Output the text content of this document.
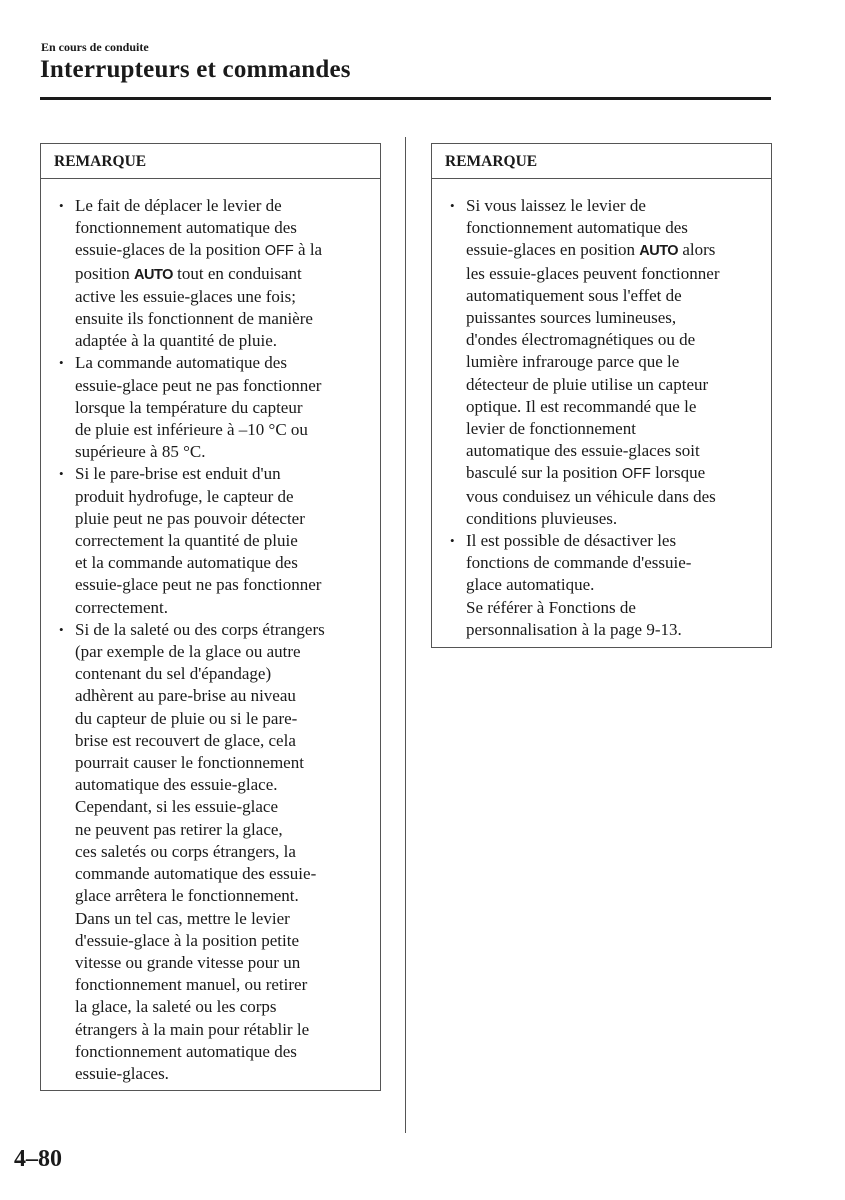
En cours de conduite
Interrupteurs et commandes
REMARQUE
• Le fait de déplacer le levier de
fonctionnement automatique des
essuie-glaces de la position OFF à la
position AUTO tout en conduisant
active les essuie-glaces une fois;
ensuite ils fonctionnent de manière
adaptée à la quantité de pluie.
• La commande automatique des
essuie-glace peut ne pas fonctionner
lorsque la température du capteur
de pluie est inférieure à –10 °C ou
supérieure à 85 °C.
• Si le pare-brise est enduit d'un
produit hydrofuge, le capteur de
pluie peut ne pas pouvoir détecter
correctement la quantité de pluie
et la commande automatique des
essuie-glace peut ne pas fonctionner
correctement.
• Si de la saleté ou des corps étrangers
(par exemple de la glace ou autre
contenant du sel d'épandage)
adhèrent au pare-brise au niveau
du capteur de pluie ou si le pare-
brise est recouvert de glace, cela
pourrait causer le fonctionnement
automatique des essuie-glace.
Cependant, si les essuie-glace
ne peuvent pas retirer la glace,
ces saletés ou corps étrangers, la
commande automatique des essuie-
glace arrêtera le fonctionnement.
Dans un tel cas, mettre le levier
d'essuie-glace à la position petite
vitesse ou grande vitesse pour un
fonctionnement manuel, ou retirer
la glace, la saleté ou les corps
étrangers à la main pour rétablir le
fonctionnement automatique des
essuie-glaces.
REMARQUE
• Si vous laissez le levier de
fonctionnement automatique des
essuie-glaces en position AUTO alors
les essuie-glaces peuvent fonctionner
automatiquement sous l'effet de
puissantes sources lumineuses,
d'ondes électromagnétiques ou de
lumière infrarouge parce que le
détecteur de pluie utilise un capteur
optique. Il est recommandé que le
levier de fonctionnement
automatique des essuie-glaces soit
basculé sur la position OFF lorsque
vous conduisez un véhicule dans des
conditions pluvieuses.
• Il est possible de désactiver les
fonctions de commande d'essuie-
glace automatique.
Se référer à Fonctions de
personnalisation à la page 9-13.
4–80
